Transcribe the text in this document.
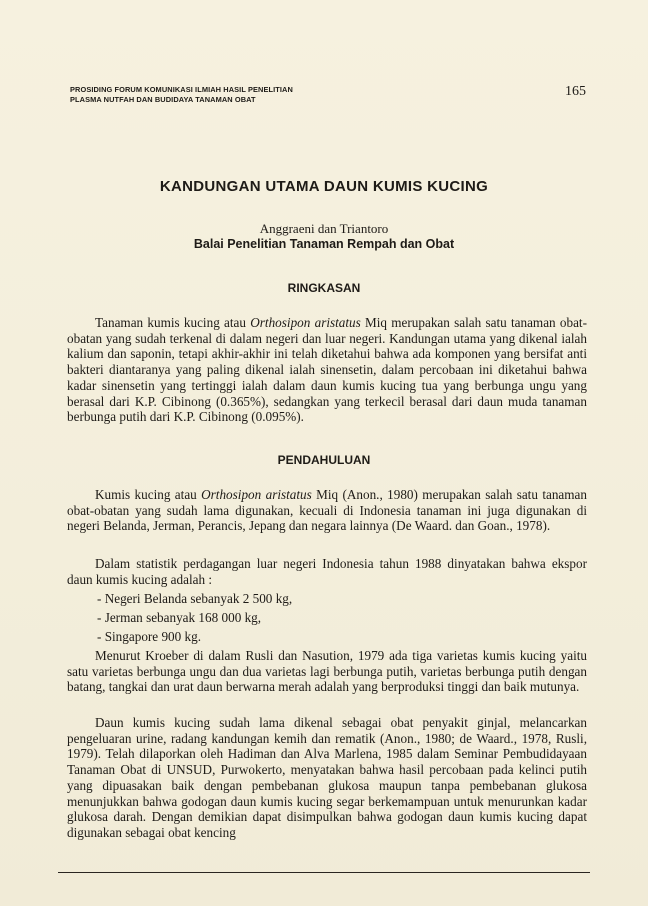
PROSIDING FORUM KOMUNIKASI ILMIAH HASIL PENELITIAN
PLASMA NUTFAH DAN BUDIDAYA TANAMAN OBAT
165
KANDUNGAN UTAMA DAUN KUMIS KUCING
Anggraeni dan Triantoro
Balai Penelitian Tanaman Rempah dan Obat
RINGKASAN

Tanaman kumis kucing atau Orthosipon aristatus Miq merupakan salah satu tanaman obat-obatan yang sudah terkenal di dalam negeri dan luar negeri. Kandungan utama yang dikenal ialah kalium dan saponin, tetapi akhir-akhir ini telah diketahui bahwa ada komponen yang bersifat anti bakteri diantaranya yang paling dikenal ialah sinensetin, dalam percobaan ini diketahui bahwa kadar sinensetin yang tertinggi ialah dalam daun kumis kucing tua yang berbunga ungu yang berasal dari K.P. Cibinong (0.365%), sedangkan yang terkecil berasal dari daun muda tanaman berbunga putih dari K.P. Cibinong (0.095%).

PENDAHULUAN

Kumis kucing atau Orthosipon aristatus Miq (Anon., 1980) merupakan salah satu tanaman obat-obatan yang sudah lama digunakan, kecuali di Indonesia tanaman ini juga digunakan di negeri Belanda, Jerman, Perancis, Jepang dan negara lainnya (De Waard. dan Goan., 1978).

Dalam statistik perdagangan luar negeri Indonesia tahun 1988 dinyatakan bahwa ekspor daun kumis kucing adalah :

- Negeri Belanda sebanyak 2 500 kg,
- Jerman sebanyak 168 000 kg,
- Singapore 900 kg.

Menurut Kroeber di dalam Rusli dan Nasution, 1979 ada tiga varietas kumis kucing yaitu satu varietas berbunga ungu dan dua varietas lagi berbunga putih, varietas berbunga putih dengan batang, tangkai dan urat daun berwarna merah adalah yang berproduksi tinggi dan baik mutunya.

Daun kumis kucing sudah lama dikenal sebagai obat penyakit ginjal, melancarkan pengeluaran urine, radang kandungan kemih dan rematik (Anon., 1980; de Waard., 1978, Rusli, 1979). Telah dilaporkan oleh Hadiman dan Alva Marlena, 1985 dalam Seminar Pembudidayaan Tanaman Obat di UNSUD, Purwokerto, menyatakan bahwa hasil percobaan pada kelinci putih yang dipuasakan baik dengan pembebanan glukosa maupun tanpa pembebanan glukosa menunjukkan bahwa godogan daun kumis kucing segar berkemampuan untuk menurunkan kadar glukosa darah. Dengan demikian dapat disimpulkan bahwa godogan daun kumis kucing dapat digunakan sebagai obat kencing
